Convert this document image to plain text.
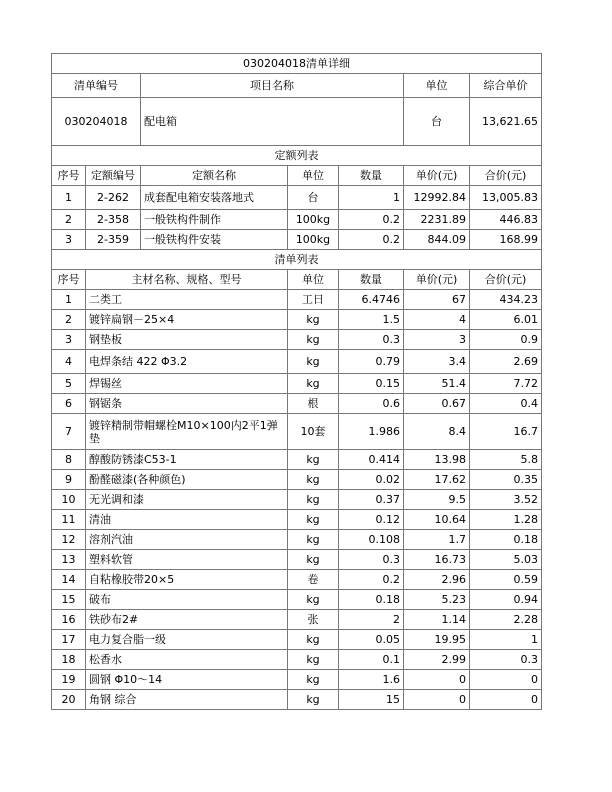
030204018清单详细						
清单编号		项目名称			单位	综合单价
030204018		配电箱			台	13,621.65
定额列表						
序号	定额编号	定额名称	单位	数量	单价(元)	合价(元)
1	2-262	成套配电箱安装落地式	台	1	12992.84	13,005.83
2	2-358	一般铁构件制作	100kg	0.2	2231.89	446.83
3	2-359	一般铁构件安装	100kg	0.2	844.09	168.99
清单列表						
序号	主材名称、规格、型号		单位	数量	单价(元)	合价(元)
1	二类工		工日	6.4746	67	434.23
2	镀锌扁钢－25×4		kg	1.5	4	6.01
3	钢垫板		kg	0.3	3	0.9
4	电焊条结 422 Φ3.2		kg	0.79	3.4	2.69
5	焊锡丝		kg	0.15	51.4	7.72
6	钢锯条		根	0.6	0.67	0.4
7	镀锌精制带帽螺栓M10×100内2平1弹垫		10套	1.986	8.4	16.7
8	醇酸防锈漆C53-1		kg	0.414	13.98	5.8
9	酚醛磁漆(各种颜色)		kg	0.02	17.62	0.35
10	无光调和漆		kg	0.37	9.5	3.52
11	清油		kg	0.12	10.64	1.28
12	溶剂汽油		kg	0.108	1.7	0.18
13	塑料软管		kg	0.3	16.73	5.03
14	自粘橡胶带20×5		卷	0.2	2.96	0.59
15	破布		kg	0.18	5.23	0.94
16	铁砂布2#		张	2	1.14	2.28
17	电力复合脂一级		kg	0.05	19.95	1
18	松香水		kg	0.1	2.99	0.3
19	圆钢 Φ10～14		kg	1.6	0	0
20	角钢 综合		kg	15	0	0
